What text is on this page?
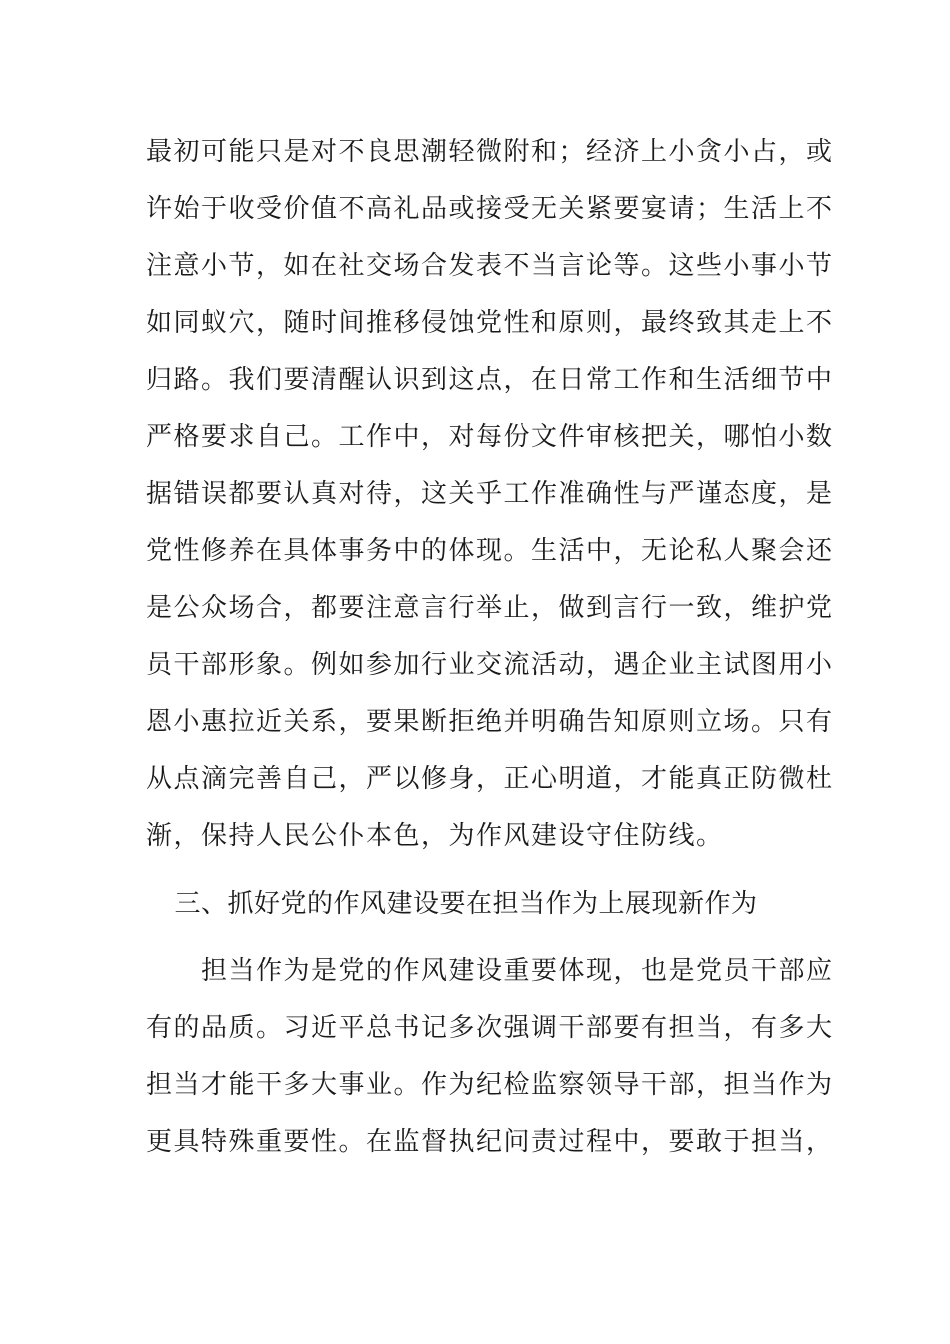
最初可能只是对不良思潮轻微附和；经济上小贪小占，或
许始于收受价值不高礼品或接受无关紧要宴请；生活上不
注意小节，如在社交场合发表不当言论等。这些小事小节
如同蚁穴，随时间推移侵蚀党性和原则，最终致其走上不
归路。我们要清醒认识到这点，在日常工作和生活细节中
严格要求自己。工作中，对每份文件审核把关，哪怕小数
据错误都要认真对待，这关乎工作准确性与严谨态度，是
党性修养在具体事务中的体现。生活中，无论私人聚会还
是公众场合，都要注意言行举止，做到言行一致，维护党
员干部形象。例如参加行业交流活动，遇企业主试图用小
恩小惠拉近关系，要果断拒绝并明确告知原则立场。只有
从点滴完善自己，严以修身，正心明道，才能真正防微杜
渐，保持人民公仆本色，为作风建设守住防线。
三、抓好党的作风建设要在担当作为上展现新作为
　　担当作为是党的作风建设重要体现，也是党员干部应
有的品质。习近平总书记多次强调干部要有担当，有多大
担当才能干多大事业。作为纪检监察领导干部，担当作为
更具特殊重要性。在监督执纪问责过程中，要敢于担当，
